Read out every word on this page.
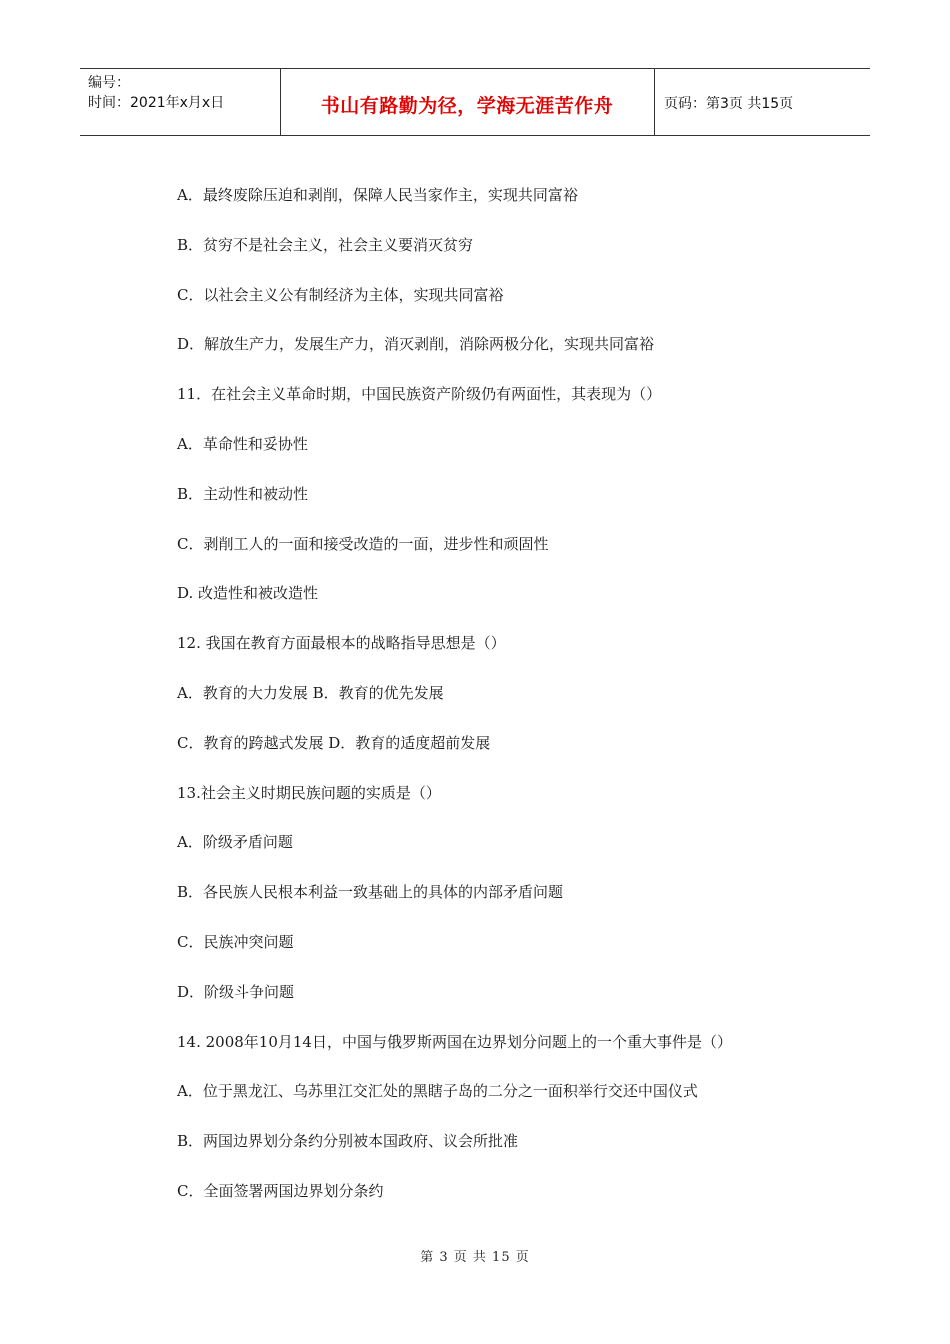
编号：
时间：2021年x月x日	书山有路勤为径，学海无涯苦作舟	页码：第3页 共15页
A．最终废除压迫和剥削，保障人民当家作主，实现共同富裕
B．贫穷不是社会主义，社会主义要消灭贫穷
C．以社会主义公有制经济为主体，实现共同富裕
D．解放生产力，发展生产力，消灭剥削，消除两极分化，实现共同富裕
11．在社会主义革命时期，中国民族资产阶级仍有两面性，其表现为（）
A．革命性和妥协性
B．主动性和被动性
C．剥削工人的一面和接受改造的一面，进步性和顽固性
D. 改造性和被改造性
12. 我国在教育方面最根本的战略指导思想是（）
A．教育的大力发展 B．教育的优先发展
C．教育的跨越式发展 D．教育的适度超前发展
13.社会主义时期民族问题的实质是（）
A．阶级矛盾问题
B．各民族人民根本利益一致基础上的具体的内部矛盾问题
C．民族冲突问题
D．阶级斗争问题
14. 2008年10月14日，中国与俄罗斯两国在边界划分问题上的一个重大事件是（）
A．位于黑龙江、乌苏里江交汇处的黑瞎子岛的二分之一面积举行交还中国仪式
B．两国边界划分条约分别被本国政府、议会所批准
C．全面签署两国边界划分条约
第 3 页 共 15 页
